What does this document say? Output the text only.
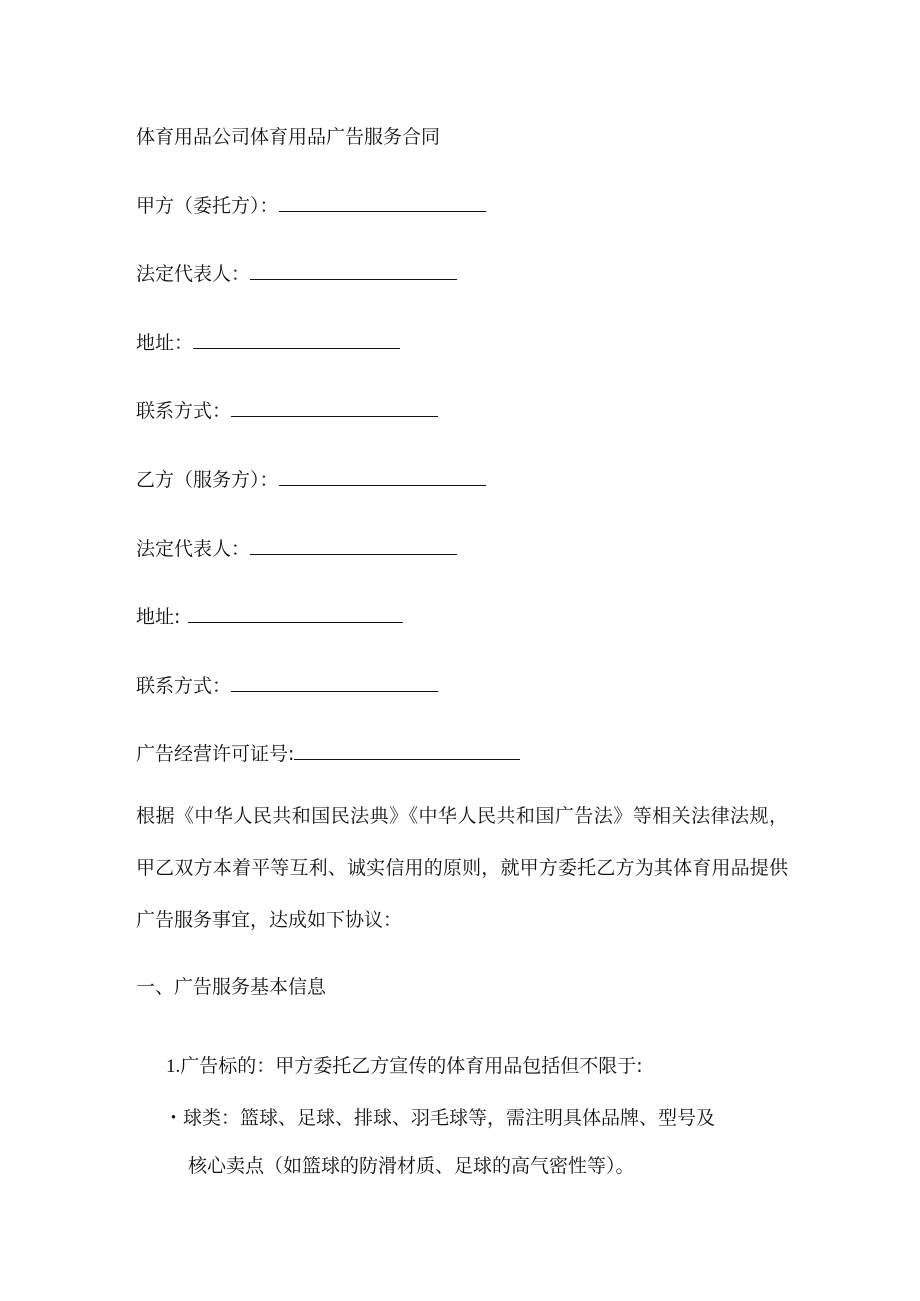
体育用品公司体育用品广告服务合同
甲方（委托方）：
法定代表人：
地址：
联系方式：
乙方（服务方）：
法定代表人：
地址:
联系方式：
广告经营许可证号:
根据《中华人民共和国民法典》《中华人民共和国广告法》等相关法律法规，甲乙双方本着平等互利、诚实信用的原则，就甲方委托乙方为其体育用品提供广告服务事宜，达成如下协议：
一、广告服务基本信息
1.广告标的：甲方委托乙方宣传的体育用品包括但不限于:
・球类：篮球、足球、排球、羽毛球等，需注明具体品牌、型号及
核心卖点（如篮球的防滑材质、足球的高气密性等）。
